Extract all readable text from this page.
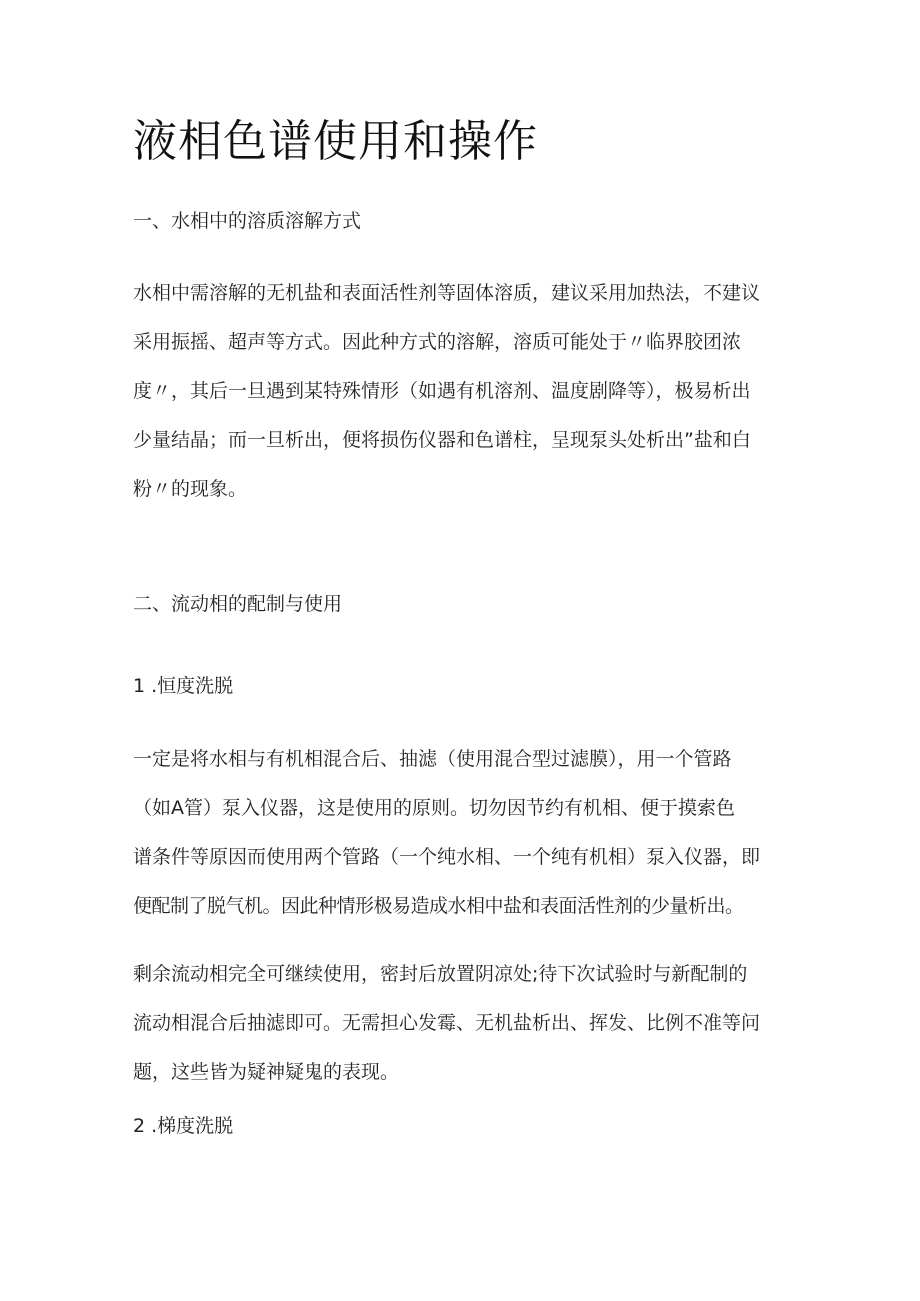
液相色谱使用和操作
一、水相中的溶质溶解方式
水相中需溶解的无机盐和表面活性剂等固体溶质，建议采用加热法，不建议
采用振摇、超声等方式。因此种方式的溶解，溶质可能处于〃临界胶团浓
度〃，其后一旦遇到某特殊情形（如遇有机溶剂、温度剧降等），极易析出
少量结晶；而一旦析出，便将损伤仪器和色谱柱，呈现泵头处析出”盐和白
粉〃的现象。
二、流动相的配制与使用
1 .恒度洗脱
一定是将水相与有机相混合后、抽滤（使用混合型过滤膜），用一个管路
（如A管）泵入仪器，这是使用的原则。切勿因节约有机相、便于摸索色
谱条件等原因而使用两个管路（一个纯水相、一个纯有机相）泵入仪器，即
便配制了脱气机。因此种情形极易造成水相中盐和表面活性剂的少量析出。
剩余流动相完全可继续使用，密封后放置阴凉处;待下次试验时与新配制的
流动相混合后抽滤即可。无需担心发霉、无机盐析出、挥发、比例不准等问
题，这些皆为疑神疑鬼的表现。
2 .梯度洗脱
